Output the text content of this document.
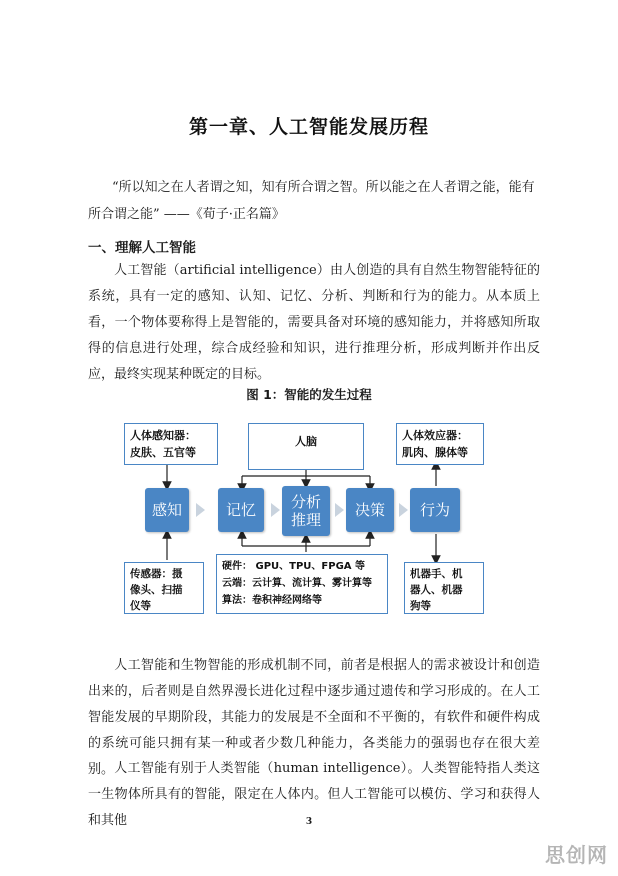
第一章、人工智能发展历程
“所以知之在人者谓之知，知有所合谓之智。所以能之在人者谓之能，能有
所合谓之能” ——《荀子·正名篇》
一、理解人工智能
人工智能（artificial intelligence）由人创造的具有自然生物智能特征的系统，具有一定的感知、认知、记忆、分析、判断和行为的能力。从本质上看，一个物体要称得上是智能的，需要具备对环境的感知能力，并将感知所取得的信息进行处理，综合成经验和知识，进行推理分析，形成判断并作出反应，最终实现某种既定的目标。
图 1：智能的发生过程
人体感知器：
皮肤、五官等
人脑	人体效应器：
肌肉、腺体等
感知	记忆	分析
推理
决策	行为
传感器：摄
像头、扫描
仪等
硬件： GPU、TPU、FPGA 等
云端：云计算、流计算、雾计算等
算法：卷积神经网络等
机器手、机
器人、机器
狗等
人工智能和生物智能的形成机制不同，前者是根据人的需求被设计和创造出来的，后者则是自然界漫长进化过程中逐步通过遗传和学习形成的。在人工智能发展的早期阶段，其能力的发展是不全面和不平衡的，有软件和硬件构成的系统可能只拥有某一种或者少数几种能力，各类能力的强弱也存在很大差别。 人工智能有别于人类智能（human intelligence）。人类智能特指人类这一生物体所具有的智能，限定在人体内。但人工智能可以模仿、学习和获得人和其他	3
思创网
